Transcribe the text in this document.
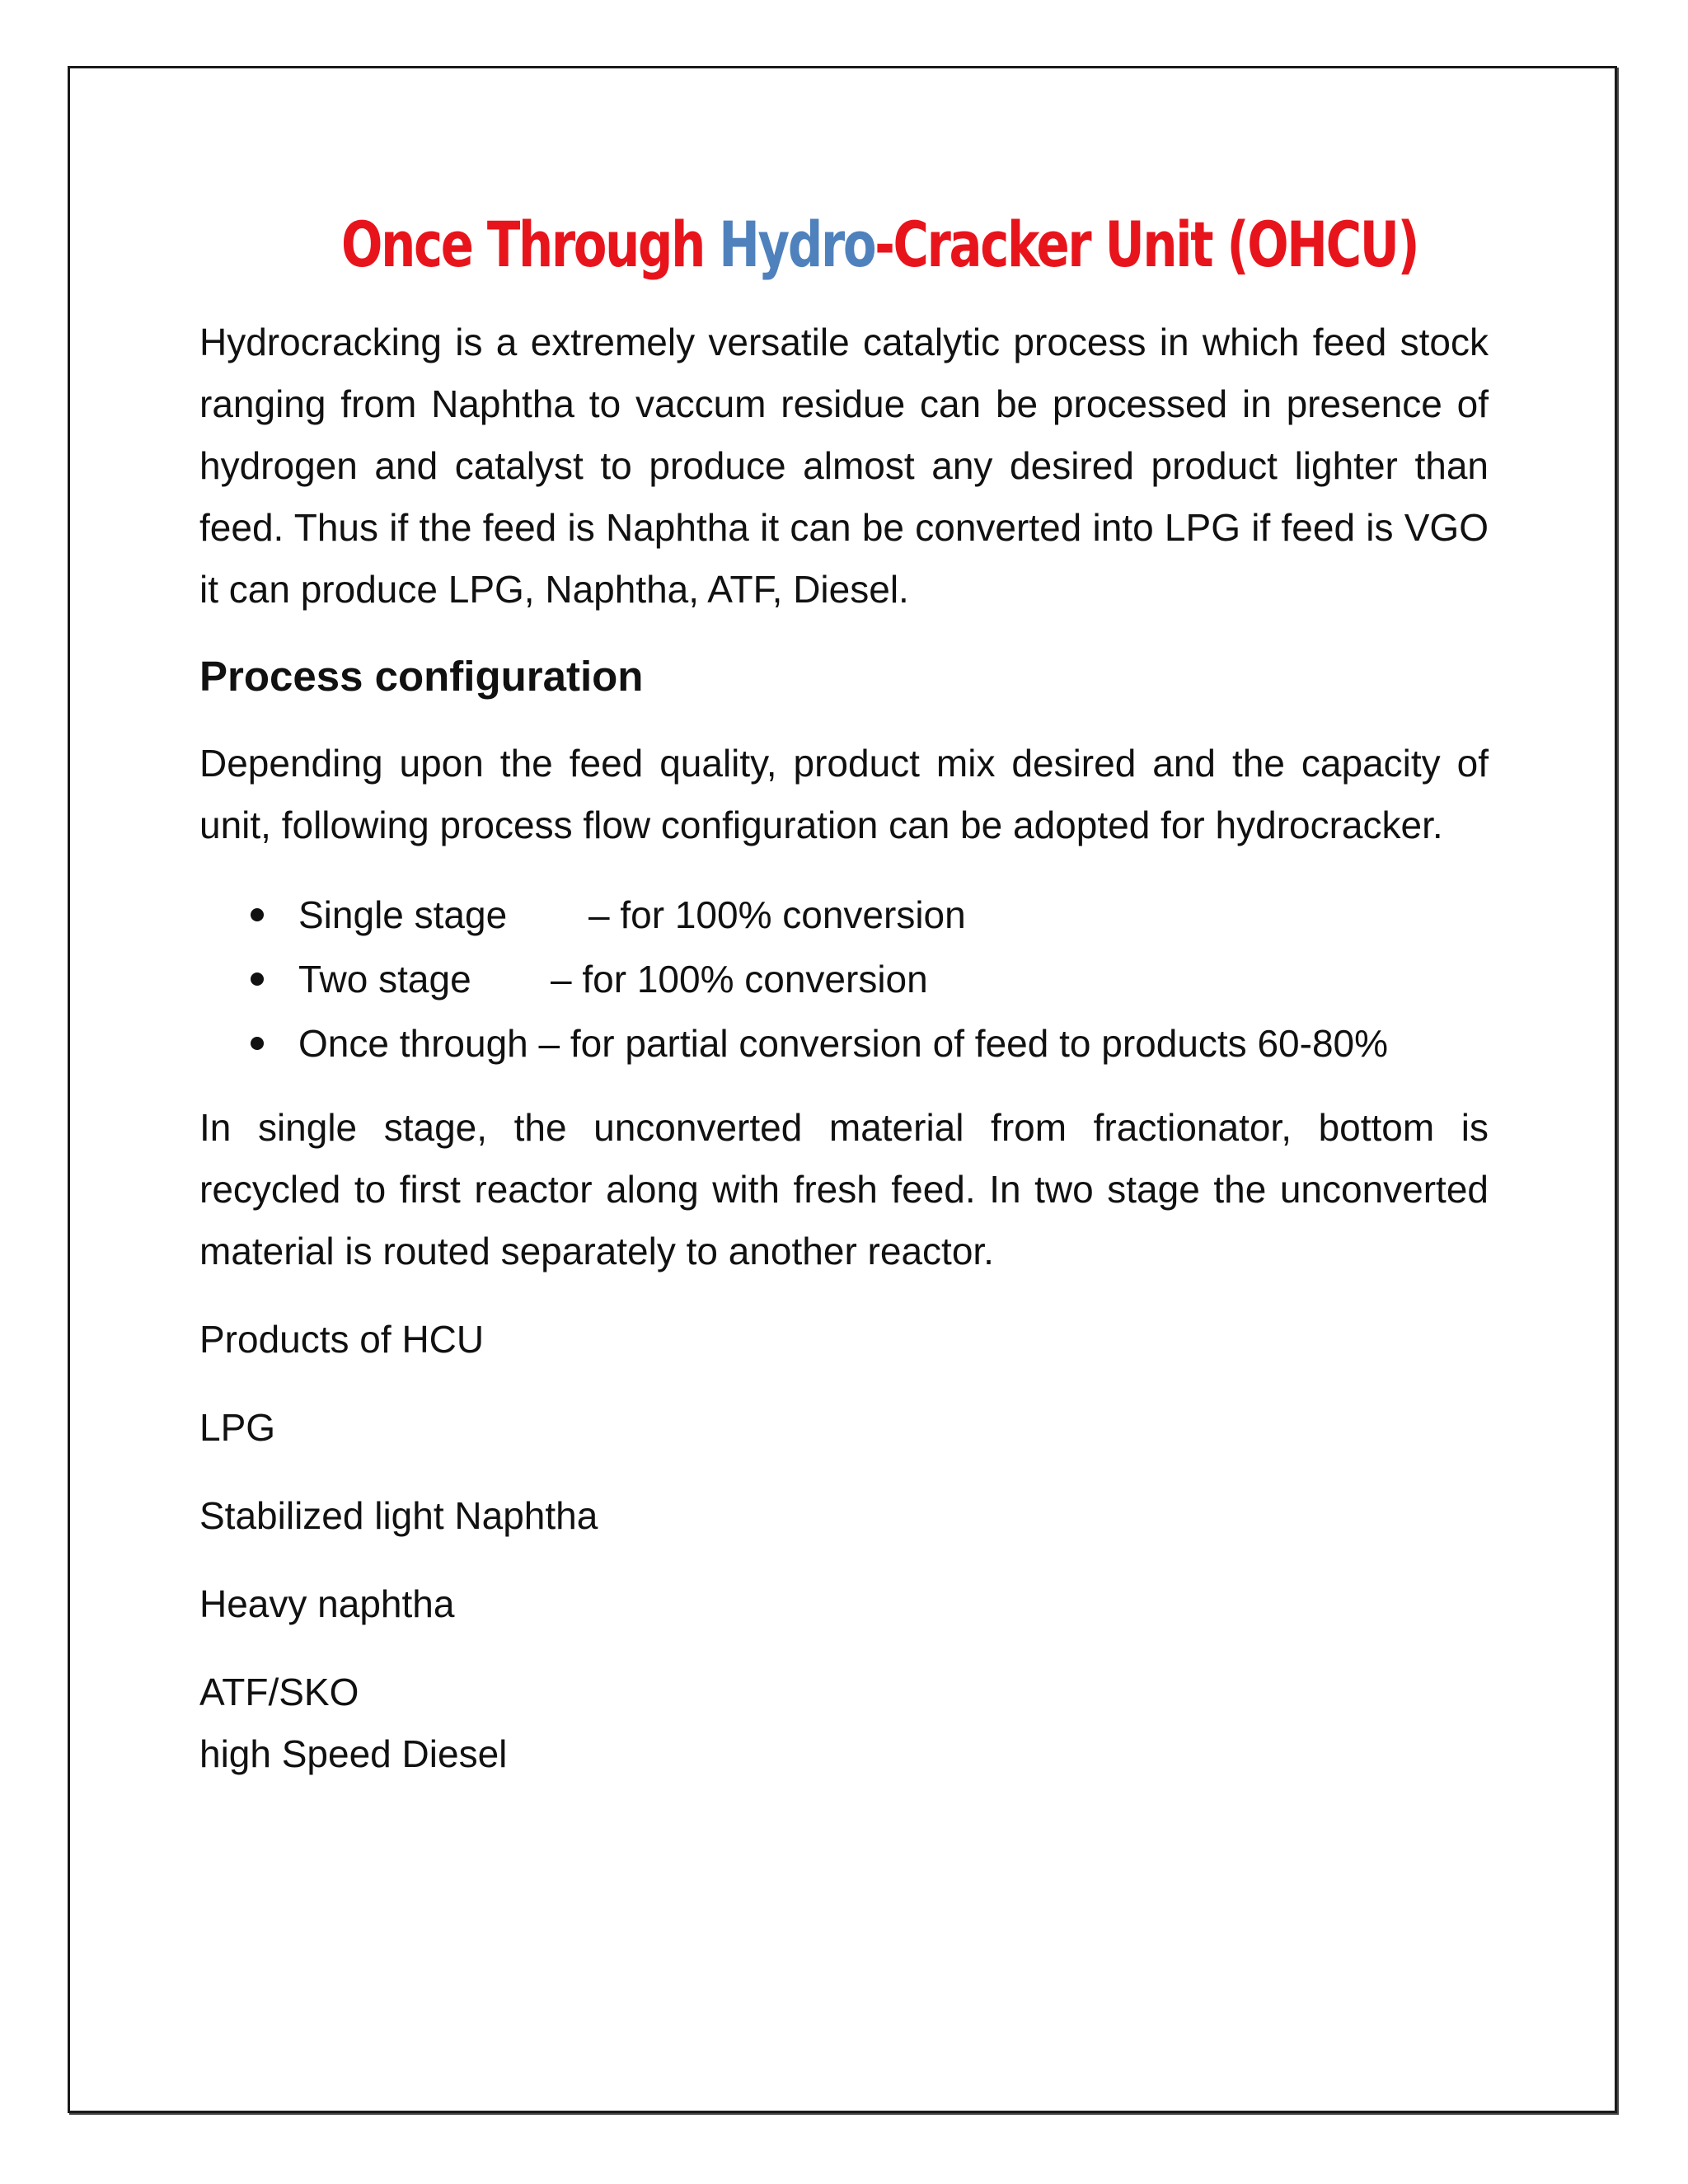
Once Through Hydro-Cracker Unit (OHCU)

Hydrocracking is a extremely versatile catalytic process in which feed stock ranging from Naphtha to vaccum residue can be processed in presence of hydrogen and catalyst to produce almost any desired product lighter than feed. Thus if the feed is Naphtha it can be converted into LPG if feed is VGO it can produce LPG, Naphtha, ATF, Diesel.

Process configuration

Depending upon the feed quality, product mix desired and the capacity of unit, following process flow configuration can be adopted for hydrocracker.

Single stage – for 100% conversion
Two stage – for 100% conversion
Once through – for partial conversion of feed to products 60-80%

In single stage, the unconverted material from fractionator, bottom is recycled to first reactor along with fresh feed. In two stage the unconverted material is routed separately to another reactor.

Products of HCU

LPG

Stabilized light Naphtha

Heavy naphtha

ATF/SKO

high Speed Diesel
